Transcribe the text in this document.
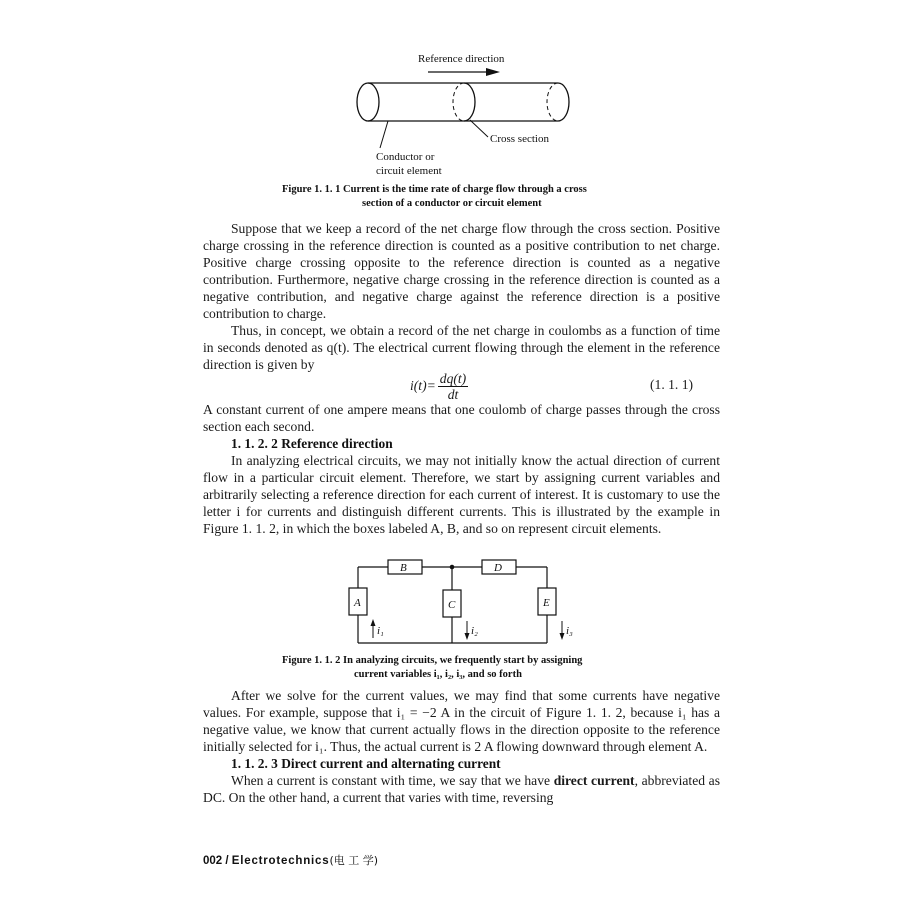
Reference direction
Cross section
Conductor or
circuit element
Figure 1. 1. 1 Current is the time rate of charge flow through a cross
section of a conductor or circuit element

Suppose that we keep a record of the net charge flow through the cross section. Positive charge crossing in the reference direction is counted as a positive contribution to net charge. Positive charge crossing opposite to the reference direction is counted as a negative contribution. Furthermore, negative charge crossing in the reference direction is counted as a negative contribution, and negative charge against the reference direction is a positive contribution to charge.

Thus, in concept, we obtain a record of the net charge in coulombs as a function of time in seconds denoted as q(t). The electrical current flowing through the element in the reference direction is given by

$i(t)= \frac{dq(t)}{dt}$	(1. 1. 1)

A constant current of one ampere means that one coulomb of charge passes through the cross section each second.

1. 1. 2. 2 Reference direction

In analyzing electrical circuits, we may not initially know the actual direction of current flow in a particular circuit element. Therefore, we start by assigning current variables and arbitrarily selecting a reference direction for each current of interest. It is customary to use the letter i for currents and distinguish different currents. This is illustrated by the example in Figure 1. 1. 2, in which the boxes labeled A, B, and so on represent circuit elements.

B	D
A	C	E
i₁	i₂	i₃
Figure 1. 1. 2 In analyzing circuits, we frequently start by assigning
current variables i₁, i₂, i₃, and so forth

After we solve for the current values, we may find that some currents have negative values. For example, suppose that i₁ = −2 A in the circuit of Figure 1. 1. 2, because i₁ has a negative value, we know that current actually flows in the direction opposite to the reference initially selected for i₁. Thus, the actual current is 2 A flowing downward through element A.

1. 1. 2. 3 Direct current and alternating current

When a current is constant with time, we say that we have direct current, abbreviated as DC. On the other hand, a current that varies with time, reversing

002 / Electrotechnics(电 工 学)
